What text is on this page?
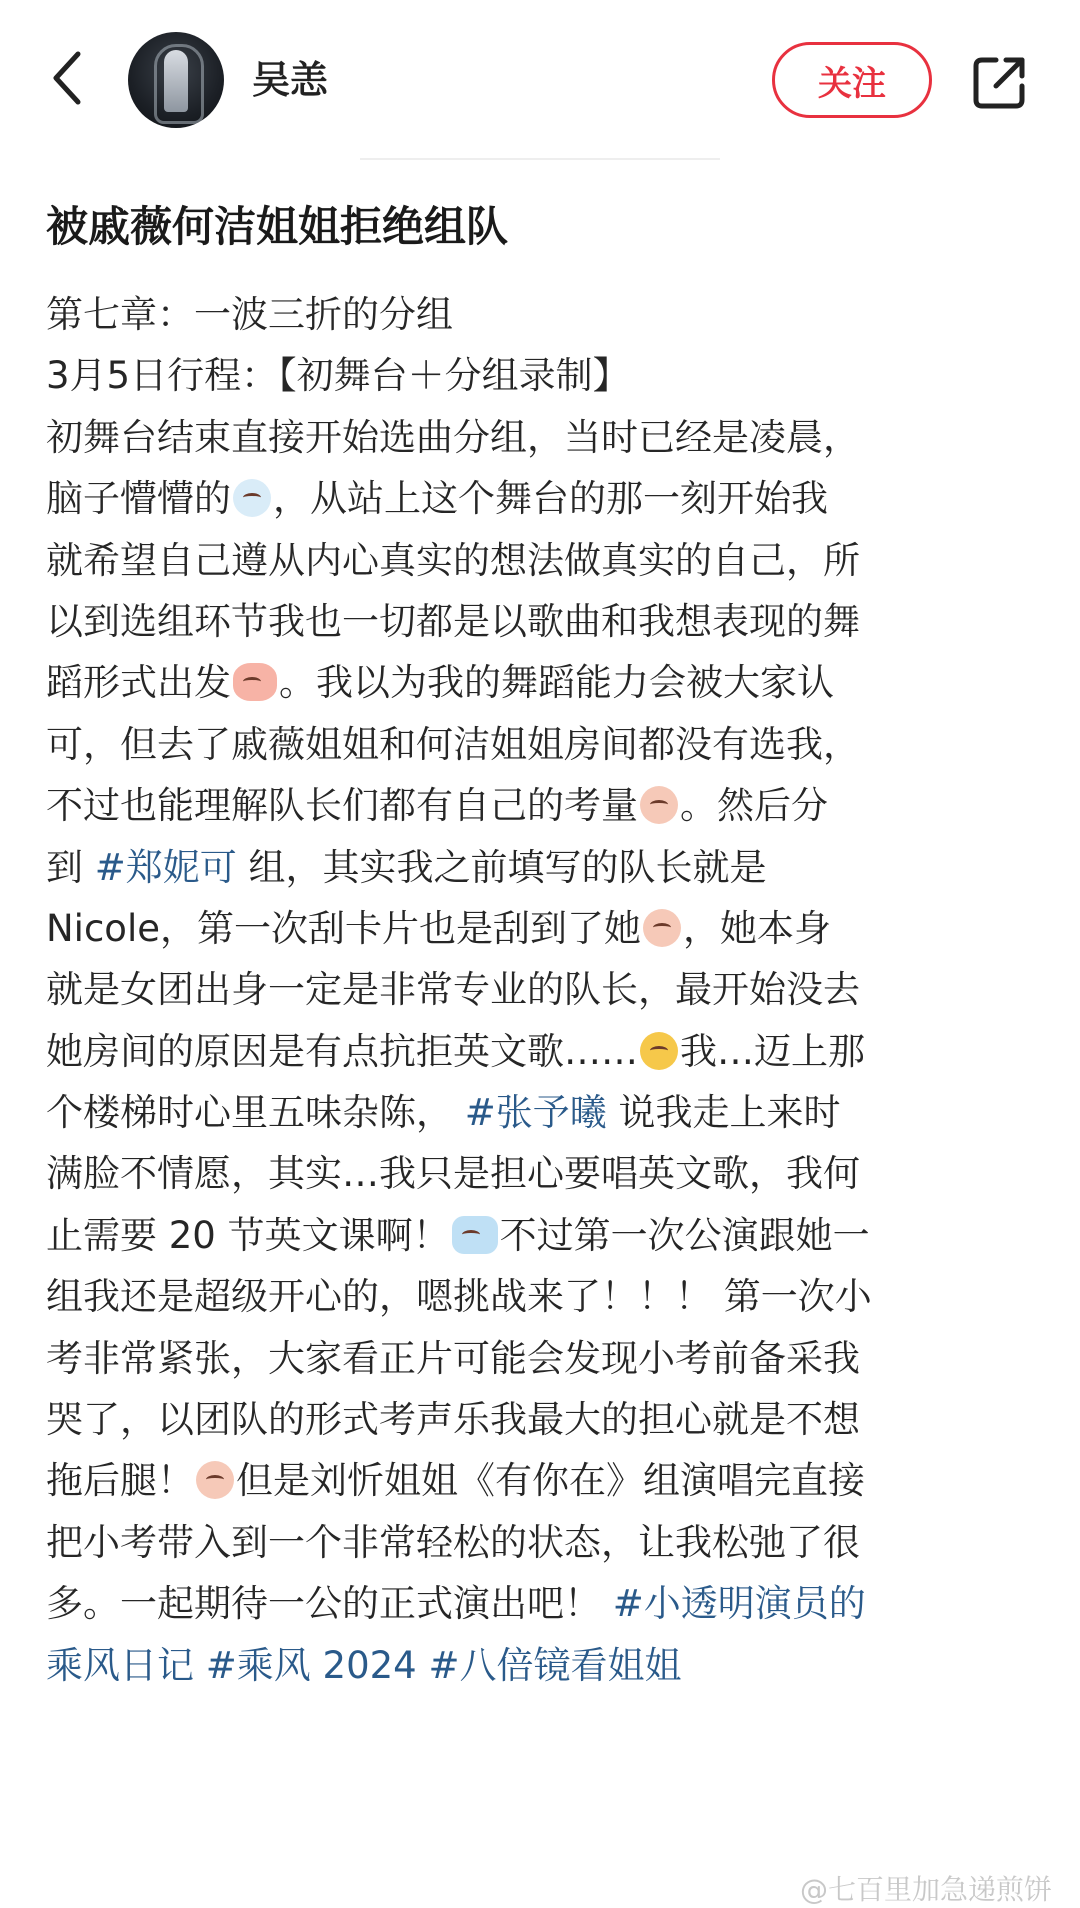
吴恙	关注
被戚薇何洁姐姐拒绝组队
第七章：一波三折的分组
3月5日行程：【初舞台＋分组录制】
初舞台结束直接开始选曲分组，当时已经是凌晨，
脑子懵懵的 ，从站上这个舞台的那一刻开始我
就希望自己遵从内心真实的想法做真实的自己，所
以到选组环节我也一切都是以歌曲和我想表现的舞
蹈形式出发 。我以为我的舞蹈能力会被大家认
可，但去了戚薇姐姐和何洁姐姐房间都没有选我，
不过也能理解队长们都有自己的考量 。然后分
到 #郑妮可 组，其实我之前填写的队长就是
Nicole，第一次刮卡片也是刮到了她 ，她本身
就是女团出身一定是非常专业的队长，最开始没去
她房间的原因是有点抗拒英文歌…… 我…迈上那
个楼梯时心里五味杂陈， #张予曦 说我走上来时
满脸不情愿，其实…我只是担心要唱英文歌，我何
止需要 20 节英文课啊！ 不过第一次公演跟她一
组我还是超级开心的，嗯挑战来了！！！ 第一次小
考非常紧张，大家看正片可能会发现小考前备采我
哭了，以团队的形式考声乐我最大的担心就是不想
拖后腿！ 但是刘忻姐姐《有你在》组演唱完直接
把小考带入到一个非常轻松的状态，让我松弛了很
多。一起期待一公的正式演出吧！ #小透明演员的
乘风日记 #乘风 2024 #八倍镜看姐姐
@七百里加急递煎饼
